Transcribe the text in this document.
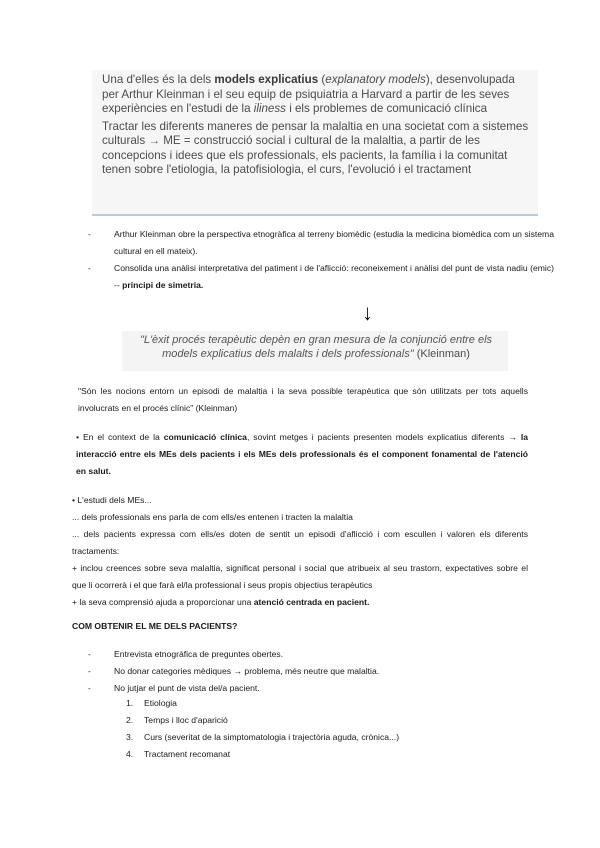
Una d'elles és la dels models explicatius (explanatory models), desenvolupada per Arthur Kleinman i el seu equip de psiquiatria a Harvard a partir de les seves experiències en l'estudi de la iliness i els problemes de comunicació clínica

Tractar les diferents maneres de pensar la malaltia en una societat com a sistemes culturals → ME = construcció social i cultural de la malaltia, a partir de les concepcions i idees que els professionals, els pacients, la família i la comunitat tenen sobre l'etiologia, la patofisiologia, el curs, l'evolució i el tractament

-	Arthur Kleinman obre la perspectiva etnogràfica al terreny biomèdic (estudia la medicina biomèdica com un sistema cultural en ell mateix).
-	Consolida una anàlisi interpretativa del patiment i de l'aflicció: reconeixement i anàlisi del punt de vista nadiu (emic) -- principi de simetria.
↓
"L'èxit procés terapèutic depèn en gran mesura de la conjunció entre els models explicatius dels malalts i dels professionals" (Kleinman)
"Són les nocions entorn un episodi de malaltia i la seva possible terapèutica que són utilitzats per tots aquells involucrats en el procés clínic" (Kleinman)
• En el context de la comunicació clínica, sovint metges i pacients presenten models explicatius diferents → la interacció entre els MEs dels pacients i els MEs dels professionals és el component fonamental de l'atenció en salut.
• L'estudi dels MEs...
... dels professionals ens parla de com ells/es entenen i tracten la malaltia
... dels pacients expressa com ells/es doten de sentit un episodi d'aflicció i com escullen i valoren els diferents tractaments:
+ inclou creences sobre seva malaltia, significat personal i social que atribueix al seu trastorn, expectatives sobre el que li ocorrerà i el que farà el/la professional i seus propis objectius terapèutics
+ la seva comprensió ajuda a proporcionar una atenció centrada en pacient.
COM OBTENIR EL ME DELS PACIENTS?
-	Entrevista etnogràfica de preguntes obertes.
-	No donar categories mèdiques → problema, més neutre que malaltia.
-	No jutjar el punt de vista del/a pacient.
1.	Etiologia
2.	Temps i lloc d'aparició
3.	Curs (severitat de la simptomatologia i trajectòria aguda, crònica...)
4.	Tractament recomanat
